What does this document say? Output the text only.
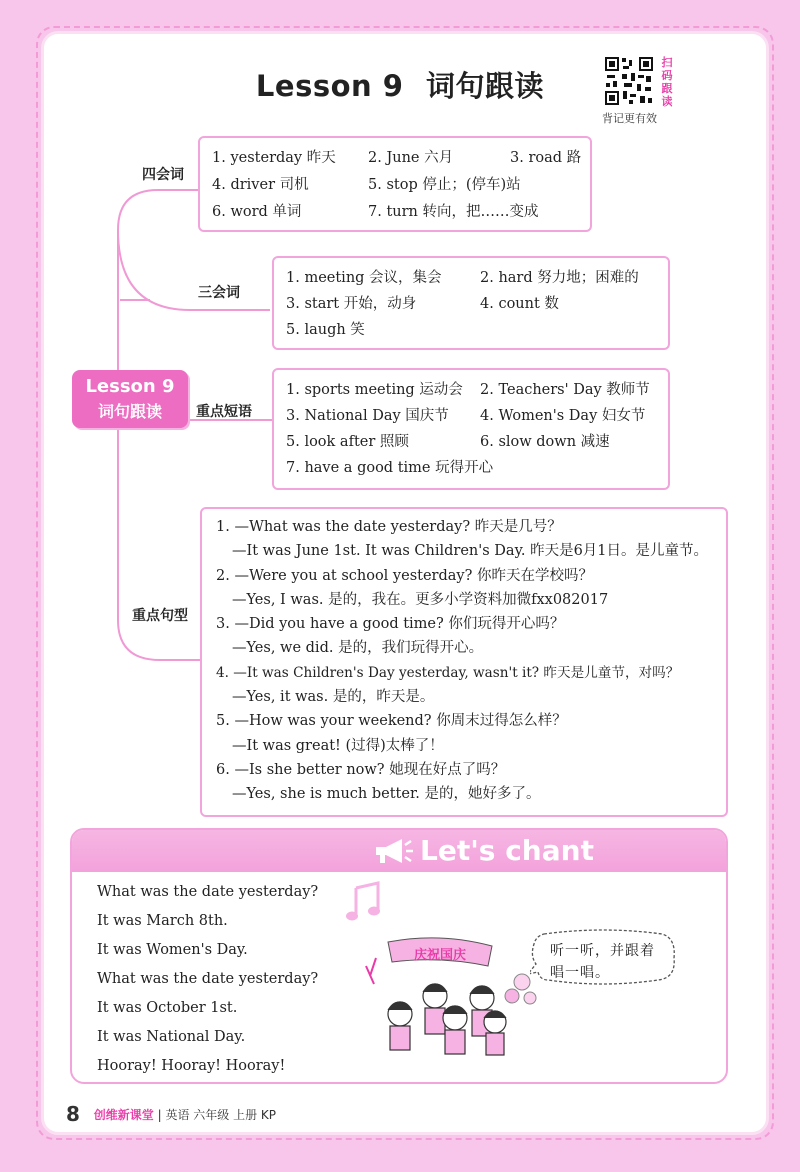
Lesson 9 词句跟读
扫
码
跟
读
背记更有效
Lesson 9
词句跟读
四会词
1. yesterday 昨天 2. June 六月	3. road 路
4. driver 司机	5. stop 停止；(停车)站
6. word 单词	7. turn 转向，把……变成
三会词
1. meeting 会议，集会	2. hard 努力地；困难的
3. start 开始，动身	4. count 数
5. laugh 笑
重点短语
1. sports meeting 运动会 2. Teachers' Day 教师节
3. National Day 国庆节 4. Women's Day 妇女节
5. look after 照顾	6. slow down 减速
7. have a good time 玩得开心
重点句型
1. —What was the date yesterday? 昨天是几号？
—It was June 1st. It was Children's Day. 昨天是6月1日。是儿童节。
2. —Were you at school yesterday? 你昨天在学校吗？
—Yes, I was. 是的，我在。更多小学资料加微fxx082017
3. —Did you have a good time? 你们玩得开心吗？
—Yes, we did. 是的，我们玩得开心。
4. —It was Children's Day yesterday, wasn't it? 昨天是儿童节，对吗？
—Yes, it was. 是的，昨天是。
5. —How was your weekend? 你周末过得怎么样？
—It was great! (过得)太棒了！
6. —Is she better now? 她现在好点了吗？
—Yes, she is much better. 是的，她好多了。
Let's chant
What was the date yesterday?
It was March 8th.
It was Women's Day.
What was the date yesterday?
It was October 1st.
It was National Day.
Hooray! Hooray! Hooray!
庆祝国庆	听一听，并跟着
唱一唱。
8 创维新课堂 | 英语 六年级 上册 KP
